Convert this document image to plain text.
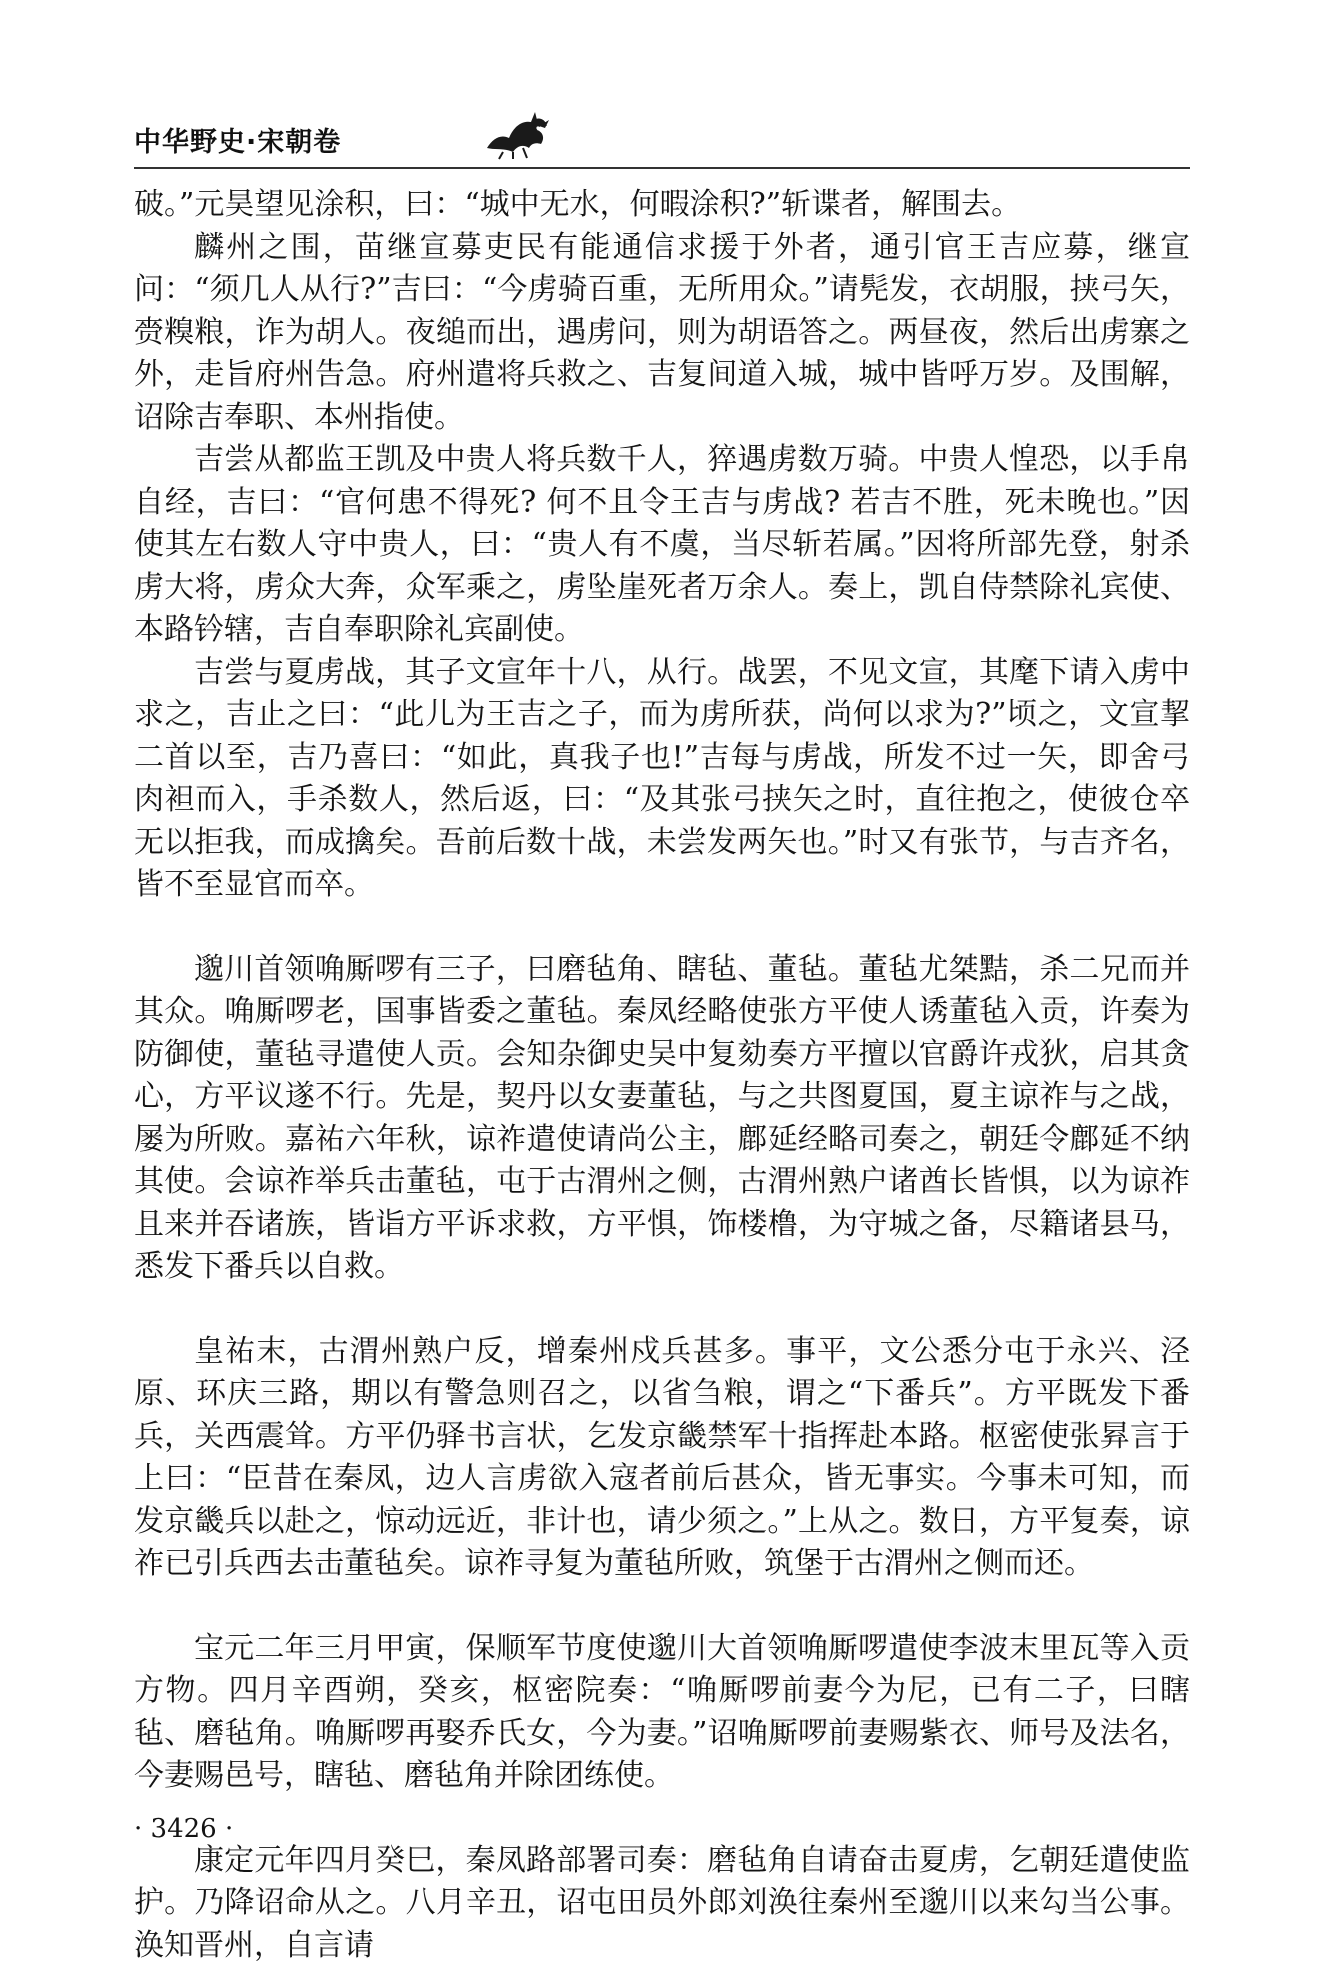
中华野史·宋朝卷

破。”元昊望见涂积，曰：“城中无水，何暇涂积?”斩谍者，解围去。

麟州之围，苗继宣募吏民有能通信求援于外者，通引官王吉应募，继宣问：“须几人从行?”吉曰：“今虏骑百重，无所用众。”请髡发，衣胡服，挟弓矢，赍糗粮，诈为胡人。夜缒而出，遇虏问，则为胡语答之。两昼夜，然后出虏寨之外，走旨府州告急。府州遣将兵救之、吉复间道入城，城中皆呼万岁。及围解，诏除吉奉职、本州指使。

吉尝从都监王凯及中贵人将兵数千人，猝遇虏数万骑。中贵人惶恐，以手帛自经，吉曰：“官何患不得死? 何不且令王吉与虏战? 若吉不胜，死未晚也。”因使其左右数人守中贵人，曰：“贵人有不虞，当尽斩若属。”因将所部先登，射杀虏大将，虏众大奔，众军乘之，虏坠崖死者万余人。奏上，凯自侍禁除礼宾使、本路钤辖，吉自奉职除礼宾副使。

吉尝与夏虏战，其子文宣年十八，从行。战罢，不见文宣，其麾下请入虏中求之，吉止之曰：“此儿为王吉之子，而为虏所获，尚何以求为?”顷之，文宣挈二首以至，吉乃喜曰：“如此，真我子也!”吉每与虏战，所发不过一矢，即舍弓肉袒而入，手杀数人，然后返，曰：“及其张弓挟矢之时，直往抱之，使彼仓卒无以拒我，而成擒矣。吾前后数十战，未尝发两矢也。”时又有张节，与吉齐名，皆不至显官而卒。

邈川首领唃厮啰有三子，曰磨毡角、瞎毡、董毡。董毡尤桀黠，杀二兄而并其众。唃厮啰老，国事皆委之董毡。秦凤经略使张方平使人诱董毡入贡，许奏为防御使，董毡寻遣使人贡。会知杂御史吴中复劾奏方平擅以官爵许戎狄，启其贪心，方平议遂不行。先是，契丹以女妻董毡，与之共图夏国，夏主谅祚与之战，屡为所败。嘉祐六年秋，谅祚遣使请尚公主，鄜延经略司奏之，朝廷令鄜延不纳其使。会谅祚举兵击董毡，屯于古渭州之侧，古渭州熟户诸酋长皆惧，以为谅祚且来并吞诸族，皆诣方平诉求救，方平惧，饰楼橹，为守城之备，尽籍诸县马，悉发下番兵以自救。

皇祐末，古渭州熟户反，增秦州戍兵甚多。事平，文公悉分屯于永兴、泾原、环庆三路，期以有警急则召之，以省刍粮，谓之“下番兵”。方平既发下番兵，关西震耸。方平仍驿书言状，乞发京畿禁军十指挥赴本路。枢密使张昪言于上曰：“臣昔在秦凤，边人言虏欲入寇者前后甚众，皆无事实。今事未可知，而发京畿兵以赴之，惊动远近，非计也，请少须之。”上从之。数日，方平复奏，谅祚已引兵西去击董毡矣。谅祚寻复为董毡所败，筑堡于古渭州之侧而还。

宝元二年三月甲寅，保顺军节度使邈川大首领唃厮啰遣使李波末里瓦等入贡方物。四月辛酉朔，癸亥，枢密院奏：“唃厮啰前妻今为尼，已有二子，曰瞎毡、磨毡角。唃厮啰再娶乔氏女，今为妻。”诏唃厮啰前妻赐紫衣、师号及法名，今妻赐邑号，瞎毡、磨毡角并除团练使。

康定元年四月癸巳，秦凤路部署司奏：磨毡角自请奋击夏虏，乞朝廷遣使监护。乃降诏命从之。八月辛丑，诏屯田员外郎刘涣往秦州至邈川以来勾当公事。涣知晋州，自言请

· 3426 ·
